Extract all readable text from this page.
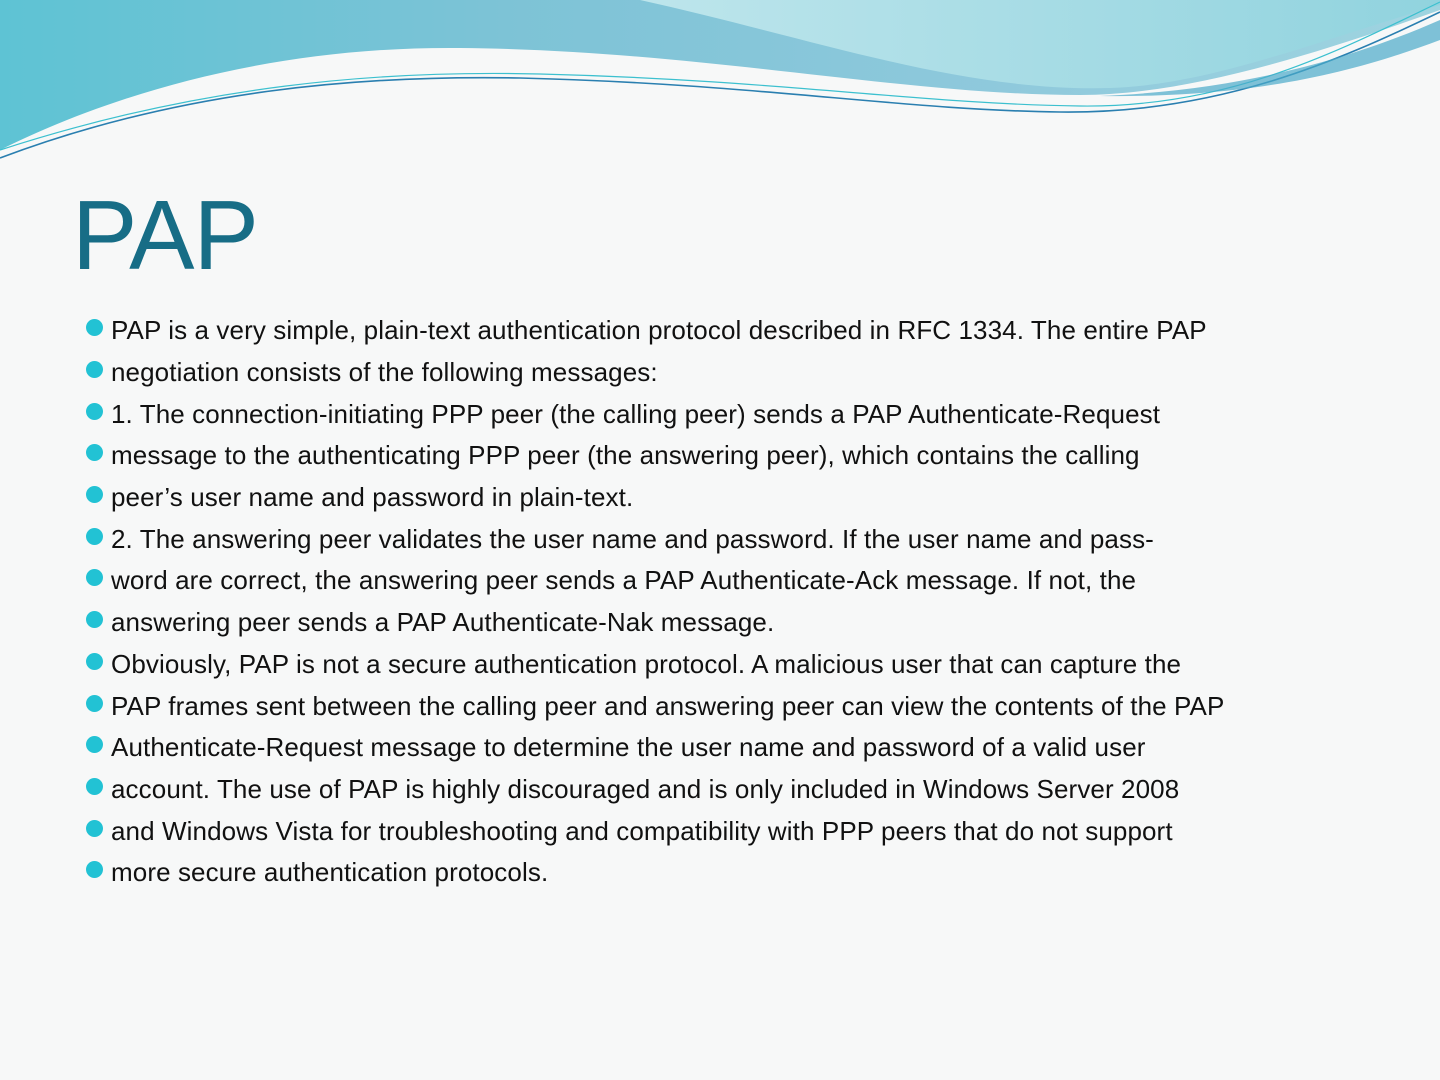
PAP
PAP is a very simple, plain-text authentication protocol described in RFC 1334. The entire PAP
negotiation consists of the following messages:
1. The connection-initiating PPP peer (the calling peer) sends a PAP Authenticate-Request
message to the authenticating PPP peer (the answering peer), which contains the calling
peer’s user name and password in plain-text.
2. The answering peer validates the user name and password. If the user name and pass-
word are correct, the answering peer sends a PAP Authenticate-Ack message. If not, the
answering peer sends a PAP Authenticate-Nak message.
Obviously, PAP is not a secure authentication protocol. A malicious user that can capture the
PAP frames sent between the calling peer and answering peer can view the contents of the PAP
Authenticate-Request message to determine the user name and password of a valid user
account. The use of PAP is highly discouraged and is only included in Windows Server 2008
and Windows Vista for troubleshooting and compatibility with PPP peers that do not support
more secure authentication protocols.
